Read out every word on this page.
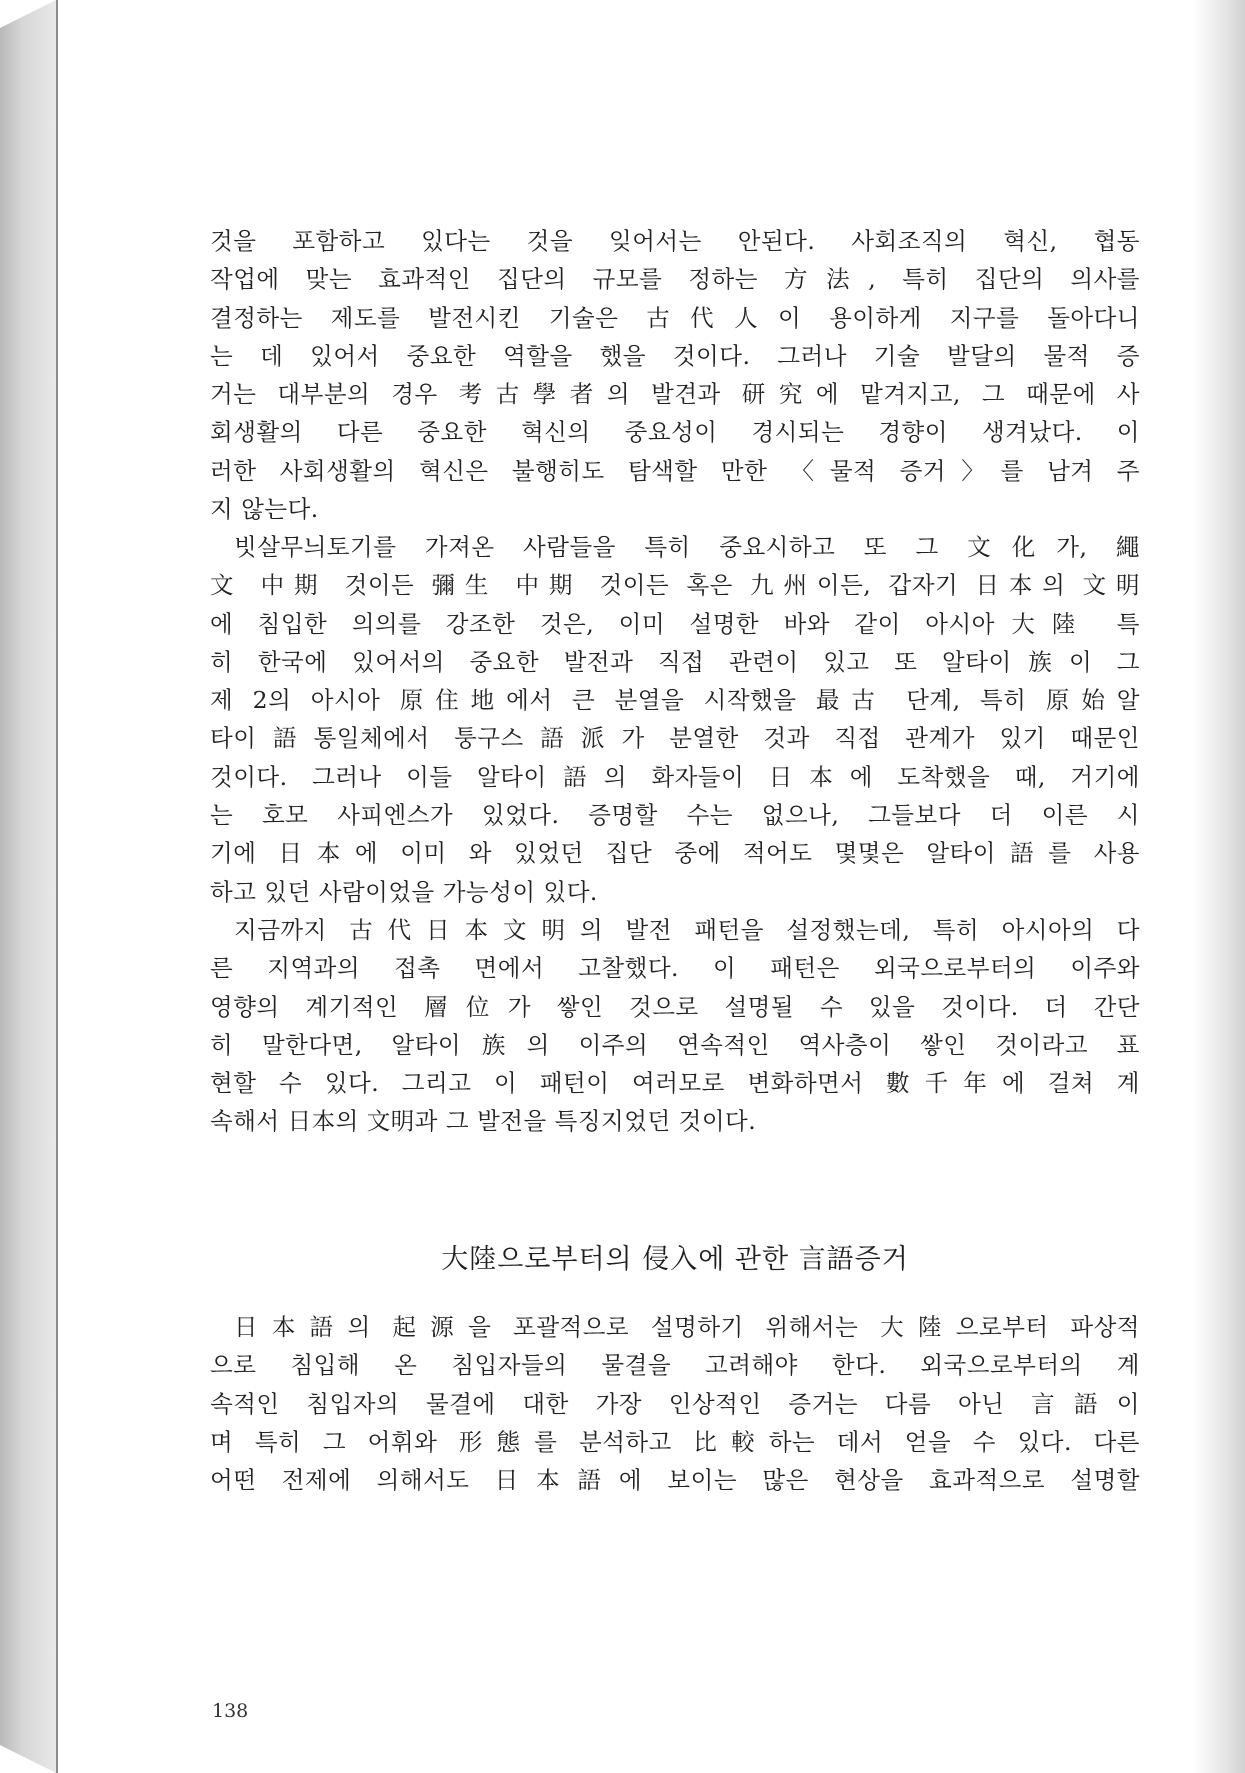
것을 포함하고 있다는 것을 잊어서는 안된다. 사회조직의 혁신, 협동
작업에 맞는 효과적인 집단의 규모를 정하는 方法, 특히 집단의 의사를
결정하는 제도를 발전시킨 기술은 古代人이 용이하게 지구를 돌아다니
는 데 있어서 중요한 역할을 했을 것이다. 그러나 기술 발달의 물적 증
거는 대부분의 경우 考古學者의 발견과 研究에 맡겨지고, 그 때문에 사
회생활의 다른 중요한 혁신의 중요성이 경시되는 경향이 생겨났다. 이
러한 사회생활의 혁신은 불행히도 탐색할 만한 〈물적 증거〉를 남겨 주
지 않는다.
빗살무늬토기를 가져온 사람들을 특히 중요시하고 또 그 文化가, 繩
文 中期 것이든 彌生 中期 것이든 혹은 九州이든, 갑자기 日本의 文明
에 침입한 의의를 강조한 것은, 이미 설명한 바와 같이 아시아大陸 특
히 한국에 있어서의 중요한 발전과 직접 관련이 있고 또 알타이族이 그
제 2의 아시아 原住地에서 큰 분열을 시작했을 最古 단계, 특히 原始알
타이語통일체에서 퉁구스語派가 분열한 것과 직접 관계가 있기 때문인
것이다. 그러나 이들 알타이語의 화자들이 日本에 도착했을 때, 거기에
는 호모 사피엔스가 있었다. 증명할 수는 없으나, 그들보다 더 이른 시
기에 日本에 이미 와 있었던 집단 중에 적어도 몇몇은 알타이語를 사용
하고 있던 사람이었을 가능성이 있다.
지금까지 古代日本文明의 발전 패턴을 설정했는데, 특히 아시아의 다
른 지역과의 접촉 면에서 고찰했다. 이 패턴은 외국으로부터의 이주와
영향의 계기적인 層位가 쌓인 것으로 설명될 수 있을 것이다. 더 간단
히 말한다면, 알타이族의 이주의 연속적인 역사층이 쌓인 것이라고 표
현할 수 있다. 그리고 이 패턴이 여러모로 변화하면서 數千年에 걸쳐 계
속해서 日本의 文明과 그 발전을 특징지었던 것이다.
大陸으로부터의 侵入에 관한 言語증거
日本語의 起源을 포괄적으로 설명하기 위해서는 大陸으로부터 파상적
으로 침입해 온 침입자들의 물결을 고려해야 한다. 외국으로부터의 계
속적인 침입자의 물결에 대한 가장 인상적인 증거는 다름 아닌 言語이
며 특히 그 어휘와 形態를 분석하고 比較하는 데서 얻을 수 있다. 다른
어떤 전제에 의해서도 日本語에 보이는 많은 현상을 효과적으로 설명할
138
